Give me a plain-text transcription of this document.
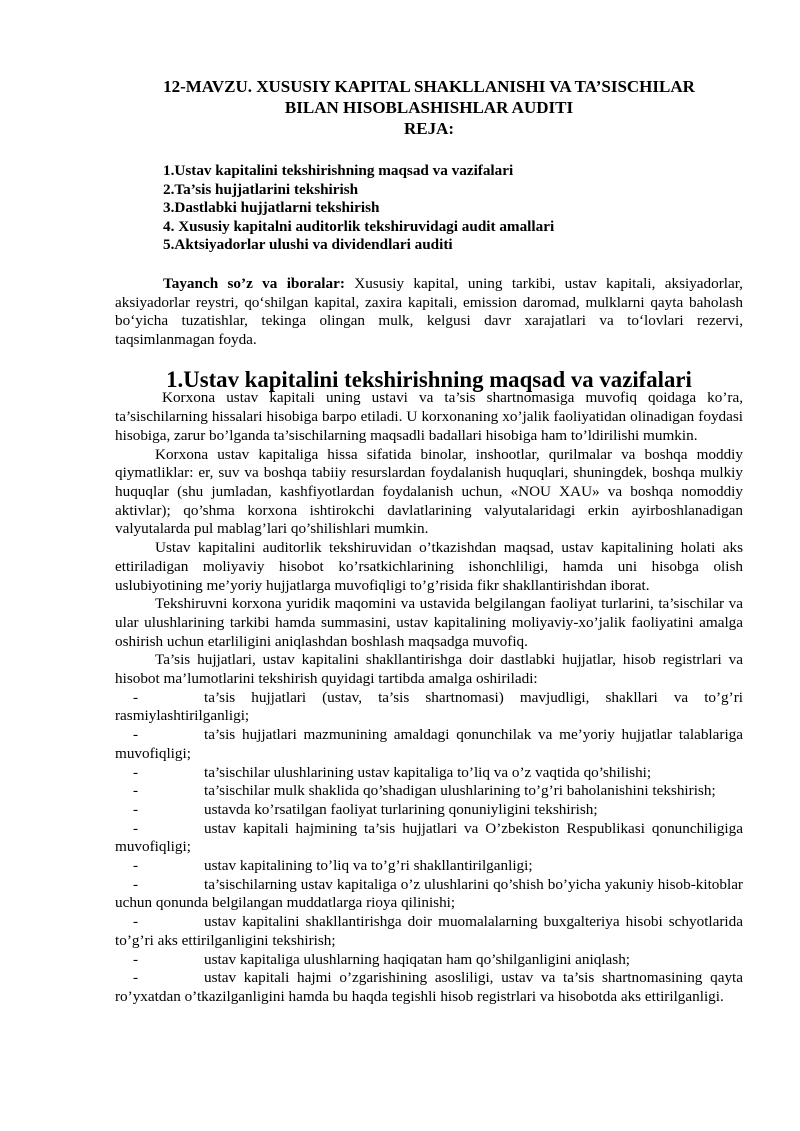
12-MAVZU. XUSUSIY KAPITAL SHAKLLANISHI VA TA’SISCHILAR
BILAN HISOBLASHISHLAR AUDITI
REJA:
1.Ustav kapitalini tekshirishning maqsad va vazifalari
2.Ta’sis hujjatlarini tekshirish
3.Dastlabki hujjatlarni tekshirish
4. Xususiy kapitalni auditorlik tekshiruvidagi audit amallari
5.Aktsiyadorlar ulushi va dividendlari auditi

Tayanch so’z va iboralar: Xususiy kapital, uning tarkibi, ustav kapitali, aksiyadorlar, aksiyadorlar reystri, qo‘shilgan kapital, zaxira kapitali, emission daromad, mulklarni qayta baholash bo‘yicha tuzatishlar, tekinga olingan mulk, kelgusi davr xarajatlari va to‘lovlari rezervi, taqsimlanmagan foyda.

1.Ustav kapitalini tekshirishning maqsad va vazifalari

Korxona ustav kapitali uning ustavi va ta’sis shartnomasiga muvofiq qoidaga ko’ra, ta’sischilarning hissalari hisobiga barpo etiladi. U korxonaning xo’jalik faoliyatidan olinadigan foydasi hisobiga, zarur bo’lganda ta’sischilarning maqsadli badallari hisobiga ham to’ldirilishi mumkin.

Korxona ustav kapitaliga hissa sifatida binolar, inshootlar, qurilmalar va boshqa moddiy qiymatliklar: er, suv va boshqa tabiiy resurslardan foydalanish huquqlari, shuningdek, boshqa mulkiy huquqlar (shu jumladan, kashfiyotlardan foydalanish uchun, «NOU XAU» va boshqa nomoddiy aktivlar); qo’shma korxona ishtirokchi davlatlarining valyutalaridagi erkin ayirboshlanadigan valyutalarda pul mablag’lari qo’shilishlari mumkin.

Ustav kapitalini auditorlik tekshiruvidan o’tkazishdan maqsad, ustav kapitalining holati aks ettiriladigan moliyaviy hisobot ko’rsatkichlarining ishonchliligi, hamda uni hisobga olish uslubiyotining me’yoriy hujjatlarga muvofiqligi to’g’risida fikr shakllantirishdan iborat.

Tekshiruvni korxona yuridik maqomini va ustavida belgilangan faoliyat turlarini, ta’sischilar va ular ulushlarining tarkibi hamda summasini, ustav kapitalining moliyaviy-xo’jalik faoliyatini amalga oshirish uchun etarliligini aniqlashdan boshlash maqsadga muvofiq.

Ta’sis hujjatlari, ustav kapitalini shakllantirishga doir dastlabki hujjatlar, hisob registrlari va hisobot ma’lumotlarini tekshirish quyidagi tartibda amalga oshiriladi:

-	ta’sis hujjatlari (ustav, ta’sis shartnomasi) mavjudligi, shakllari va to’g’ri rasmiylashtirilganligi;
-	ta’sis hujjatlari mazmunining amaldagi qonunchilak va me’yoriy hujjatlar talablariga muvofiqligi;
-	ta’sischilar ulushlarining ustav kapitaliga to’liq va o’z vaqtida qo’shilishi;
-	ta’sischilar mulk shaklida qo’shadigan ulushlarining to’g’ri baholanishini tekshirish;
-	ustavda ko’rsatilgan faoliyat turlarining qonuniyligini tekshirish;
-	ustav kapitali hajmining ta’sis hujjatlari va O’zbekiston Respublikasi qonunchiligiga muvofiqligi;
-	ustav kapitalining to’liq va to’g’ri shakllantirilganligi;
-	ta’sischilarning ustav kapitaliga o’z ulushlarini qo’shish bo’yicha yakuniy hisob-kitoblar uchun qonunda belgilangan muddatlarga rioya qilinishi;
-	ustav kapitalini shakllantirishga doir muomalalarning buxgalteriya hisobi schyotlarida to’g’ri aks ettirilganligini tekshirish;
-	ustav kapitaliga ulushlarning haqiqatan ham qo’shilganligini aniqlash;
-	ustav kapitali hajmi o’zgarishining asosliligi, ustav va ta’sis shartnomasining qayta ro’yxatdan o’tkazilganligini hamda bu haqda tegishli hisob registrlari va hisobotda aks ettirilganligi.
